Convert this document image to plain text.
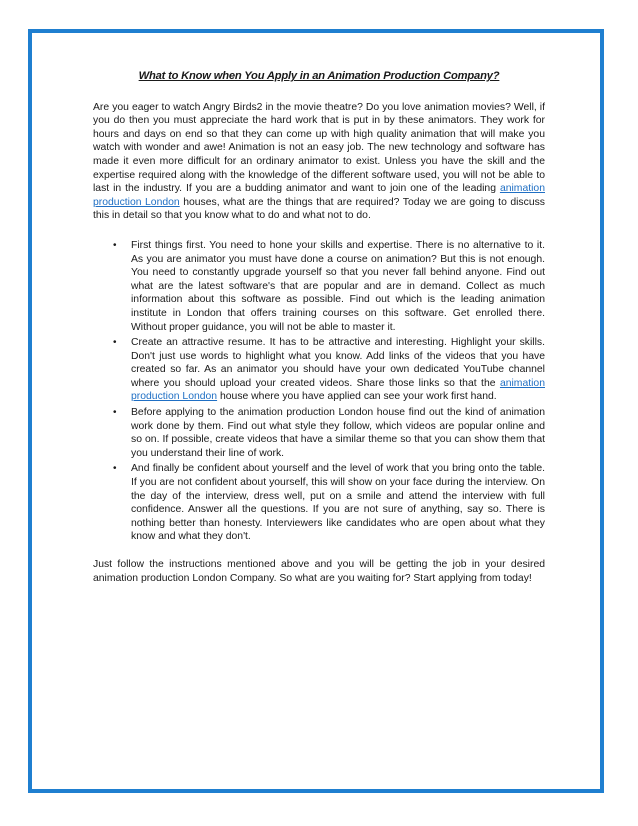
What to Know when You Apply in an Animation Production Company?

Are you eager to watch Angry Birds2 in the movie theatre? Do you love animation movies? Well, if you do then you must appreciate the hard work that is put in by these animators. They work for hours and days on end so that they can come up with high quality animation that will make you watch with wonder and awe! Animation is not an easy job. The new technology and software has made it even more difficult for an ordinary animator to exist. Unless you have the skill and the expertise required along with the knowledge of the different software used, you will not be able to last in the industry. If you are a budding animator and want to join one of the leading animation production London houses, what are the things that are required? Today we are going to discuss this in detail so that you know what to do and what not to do.

• First things first. You need to hone your skills and expertise. There is no alternative to it. As you are animator you must have done a course on animation? But this is not enough. You need to constantly upgrade yourself so that you never fall behind anyone. Find out what are the latest software's that are popular and are in demand. Collect as much information about this software as possible. Find out which is the leading animation institute in London that offers training courses on this software. Get enrolled there. Without proper guidance, you will not be able to master it.
• Create an attractive resume. It has to be attractive and interesting. Highlight your skills. Don't just use words to highlight what you know. Add links of the videos that you have created so far. As an animator you should have your own dedicated YouTube channel where you should upload your created videos. Share those links so that the animation production London house where you have applied can see your work first hand.
• Before applying to the animation production London house find out the kind of animation work done by them. Find out what style they follow, which videos are popular online and so on. If possible, create videos that have a similar theme so that you can show them that you understand their line of work.
• And finally be confident about yourself and the level of work that you bring onto the table. If you are not confident about yourself, this will show on your face during the interview. On the day of the interview, dress well, put on a smile and attend the interview with full confidence. Answer all the questions. If you are not sure of anything, say so. There is nothing better than honesty. Interviewers like candidates who are open about what they know and what they don't.

Just follow the instructions mentioned above and you will be getting the job in your desired animation production London Company. So what are you waiting for? Start applying from today!
